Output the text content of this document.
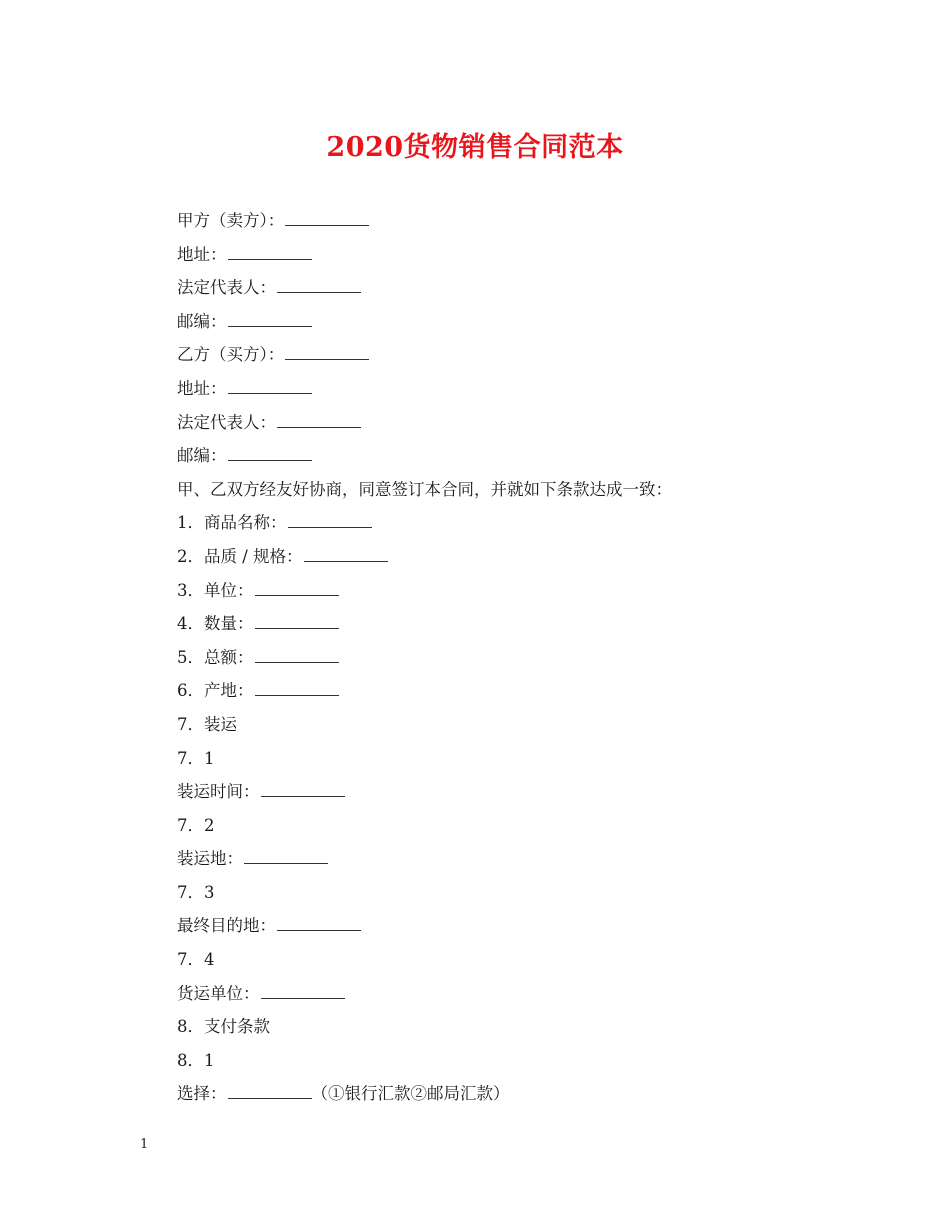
2020货物销售合同范本
甲方（卖方）：
地址：
法定代表人：
邮编：
乙方（买方）：
地址：
法定代表人：
邮编：
甲、乙双方经友好协商，同意签订本合同，并就如下条款达成一致：
1．商品名称：
2．品质 / 规格：
3．单位：
4．数量：
5．总额：
6．产地：
7．装运
7．1
装运时间：
7．2
装运地：
7．3
最终目的地：
7．4
货运单位：
8．支付条款
8．1
选择：	（①银行汇款②邮局汇款）
1
